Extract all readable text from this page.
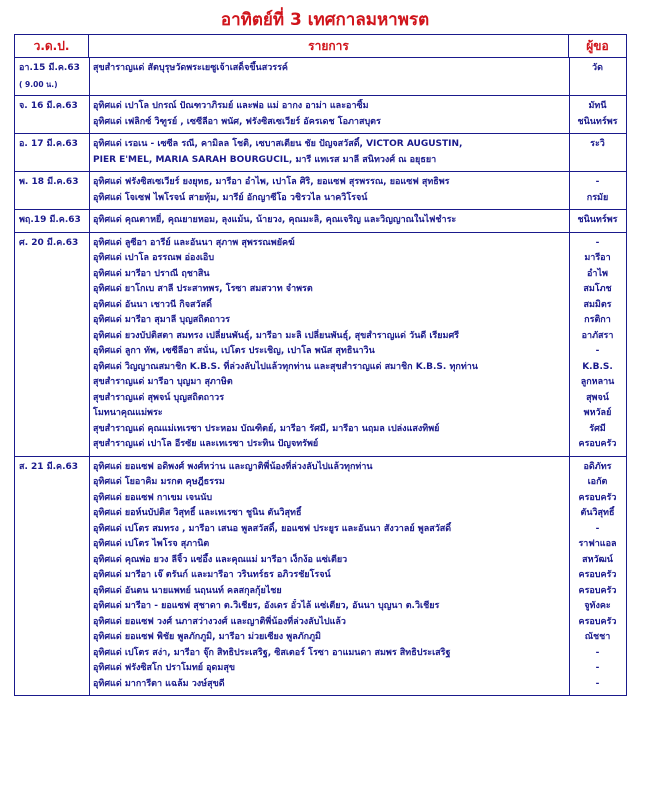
อาทิตย์ที่ 3 เทศกาลมหาพรต
ว.ด.ป.	รายการ	ผู้ขอ
อา.15 มี.ค.63	สุขสำราญแด่ สัตบุรุษวัดพระเยซูเจ้าเสด็จขึ้นสวรรค์	วัด
( 9.00 น.)
จ. 16 มี.ค.63	อุทิศแด่ เปาโล ปกรณ์ ปัณฑวาภิรมย์ และพ่อ แม่ อากง อาม่า และอาซิ้ม	มัทนี
อุทิศแด่ เฟลิกซ์ วิฑูรย์ , เซซีลีอา พนัศ, ฟรังซิสเซเวียร์ อัครเดช โอภาสบุตร	ชนินทร์พร
อ. 17 มี.ค.63	อุทิศแด่ เรอเน - เซซีล รณี, คามิลล โชติ, เซบาสเตียน ชัย ปัญจสวัสดิ์, VICTOR AUGUSTIN,	ระวิ
PIER E'MEL, MARIA SARAH BOURGUCIL, มารี แทเรส มาลี สนิทวงศ์ ณ อยุธยา
พ. 18 มี.ค.63	อุทิศแด่ ฟรังซิสเซเวียร์ ยงยุทธ, มารีอา อำไพ, เปาโล ศิริ, ยอแซฟ สุรพรรณ, ยอแซฟ สุทธิพร	-
อุทิศแด่ โจเซฟ ไพโรจน์ สายทุ้ม, มารีย์ อักญาซีโอ วชิรวไล นาควิโรจน์	กรมัย
พฤ.19 มี.ค.63	อุทิศแด่ คุณตาหยี่, คุณยายหอม, ลุงแม้น, น้ายวง, คุณมะลิ, คุณเจริญ และวิญญาณในไฟชำระ	ชนินทร์พร
ศ. 20 มี.ค.63	อุทิศแด่ ลูซีอา อารีย์ และอันนา สุภาพ สุพรรณพยัคฆ์	-
อุทิศแด่ เปาโล อรรณพ อ่องเอิบ	มารีอา
อุทิศแด่ มารีอา ปราณี ฤชาสิน	อำไพ
อุทิศแด่ ยาโกเบ สาลี ประสาทพร, โรซา สมสวาท จำพรต	สมโภช
อุทิศแด่ อันนา เชาวนี กิจสวัสดิ์	สมมิตร
อุทิศแด่ มารีอา สุมาลี บุญสถิตถาวร	กรติกา
อุทิศแด่ ยวงบัปติสตา สมทรง เปลี่ยนพันธุ์, มารีอา มะลิ เปลี่ยนพันธุ์, สุขสำราญแด่ วันดี เรียมศรี	อาภัสรา
อุทิศแด่ ลูกา ทัพ, เซซีลีอา สนั่น, เปโตร ประเชิญ, เปาโล พนัส สุทธินาวิน	-
อุทิศแด่ วิญญาณสมาชิก K.B.S. ที่ล่วงลับไปแล้วทุกท่าน และสุขสำราญแด่ สมาชิก K.B.S. ทุกท่าน	K.B.S.
สุขสำราญแด่ มารีอา บุญมา สุภาษิต	ลูกหลาน
สุขสำราญแด่ สุพจน์ บุญสถิตถาวร	สุพจน์
โมทนาคุณแม่พระ	พหวัลย์
สุขสำราญแด่ คุณแม่เทเรซา ประหอม บัณฑิตย์, มารีอา รัศมี, มารีอา นฤมล เปล่งแสงทิพย์	รัศมี
สุขสำราญแด่ เปาโล อีรซัย และเทเรซา ประทิน ปัญจทรัพย์	ครอบครัว
ส. 21 มี.ค.63	อุทิศแด่ ยอแซฟ อดิพงศ์ พงศ์หว่าน และญาติพี่น้องที่ล่วงลับไปแล้วทุกท่าน	อดิภัทร
อุทิศแด่ โยอาคิม มรกต คุษฎีธรรม	เอกัต
อุทิศแด่ ยอแซฟ กาเขม เจนนับ	ครอบครัว
อุทิศแด่ ยอห์นบัปติส วิสุทธิ์ และเทเรซา ชูนิน ตันวิสุทธิ์	ตันวิสุทธิ์
อุทิศแด่ เปโตร สมทรง , มารีอา เสนอ พูลสวัสดิ์, ยอแซฟ ประยูร และอันนา สังวาลย์ พูลสวัสดิ์	-
อุทิศแด่ เปโตร ไพโรจ สุภานิต	ราฟาแอล
อุทิศแด่ คุณพ่อ ยวง ลีจิ้ว แซ่อึ้ง และคุณแม่ มารีอา เง็กง้อ แซ่เตียว	สหวัฒน์
อุทิศแด่ มารีอา เจ๊ ตรันก์ และมารีอา วรินทร์ธร อภิวรชัยโรจน์	ครอบครัว
อุทิศแด่ อันตน นายแพทย์ นฤนนท์ คลสกุลกุ้ยไชย	ครอบครัว
อุทิศแด่ มารีอา - ยอแซฟ สุชาดา ต.วิเชียร, อังเดร อั๋วไล้ แซ่เตียว, อันนา บุญนา ต.วิเชียร	จูทังคะ
อุทิศแด่ ยอแซฟ วงศ์ นภาสว่างวงศ์ และญาติพี่น้องที่ล่วงลับไปแล้ว	ครอบครัว
อุทิศแด่ ยอแซฟ พิชัย พูลภักภูมิ, มารีอา ม่วยเซียง พูลภักภูมิ	ณัชชา
อุทิศแด่ เปโตร สง่า, มารีอา จุ๊ก สิทธิประเสริฐ, ซิสเตอร์ โรซา อาแมนดา สมพร สิทธิประเสริฐ	-
อุทิศแด่ ฟรังซิสโก ปราโมทย์ อุดมสุข	-
อุทิศแด่ มาการีตา แฉล้ม วงษ์สุขดี	-
